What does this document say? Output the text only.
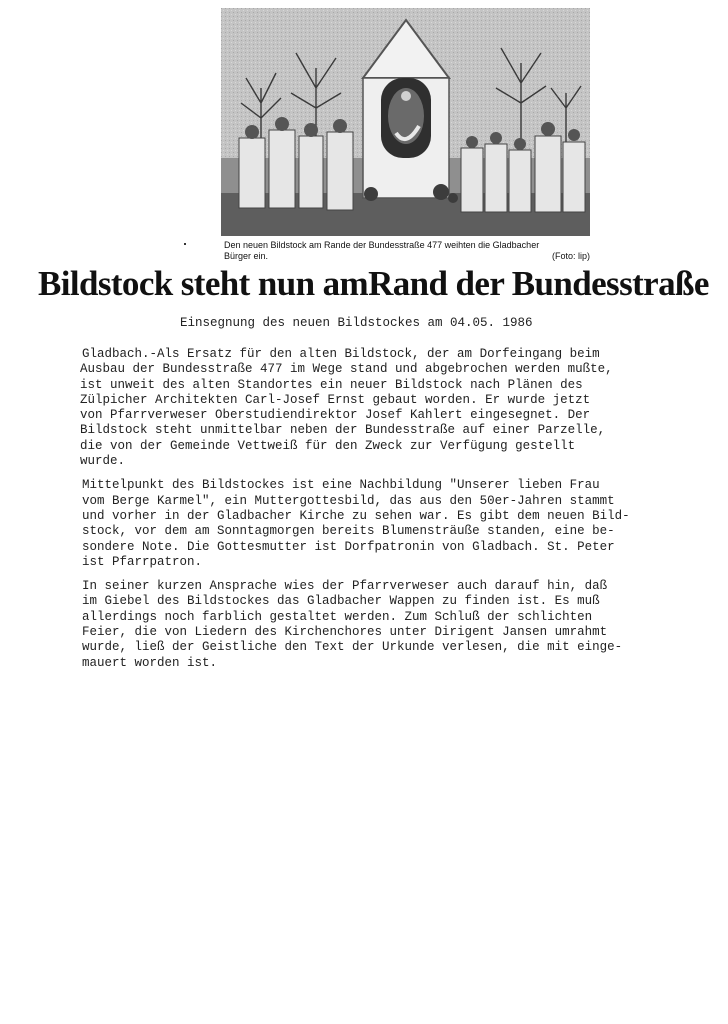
Den neuen Bildstock am Rande der Bundesstraße 477 weihten die Gladbacher
Bürger ein.	(Foto: lip)
Bildstock steht nun amRand der Bundesstraße
Einsegnung des neuen Bildstockes am 04.05. 1986
Gladbach.-Als Ersatz für den alten Bildstock, der am Dorfeingang beim
Ausbau der Bundesstraße 477 im Wege stand und abgebrochen werden mußte,
ist unweit des alten Standortes ein neuer Bildstock nach Plänen des
Zülpicher Architekten Carl-Josef Ernst gebaut worden. Er wurde jetzt
von Pfarrverweser Oberstudiendirektor Josef Kahlert eingesegnet. Der
Bildstock steht unmittelbar neben der Bundesstraße auf einer Parzelle,
die von der Gemeinde Vettweiß für den Zweck zur Verfügung gestellt
wurde.
Mittelpunkt des Bildstockes ist eine Nachbildung "Unserer lieben Frau
vom Berge Karmel", ein Muttergottesbild, das aus den 50er-Jahren stammt
und vorher in der Gladbacher Kirche zu sehen war. Es gibt dem neuen Bild-
stock, vor dem am Sonntagmorgen bereits Blumensträuße standen, eine be-
sondere Note. Die Gottesmutter ist Dorfpatronin von Gladbach. St. Peter
ist Pfarrpatron.
In seiner kurzen Ansprache wies der Pfarrverweser auch darauf hin, daß
im Giebel des Bildstockes das Gladbacher Wappen zu finden ist. Es muß
allerdings noch farblich gestaltet werden. Zum Schluß der schlichten
Feier, die von Liedern des Kirchenchores unter Dirigent Jansen umrahmt
wurde, ließ der Geistliche den Text der Urkunde verlesen, die mit einge-
mauert worden ist.
